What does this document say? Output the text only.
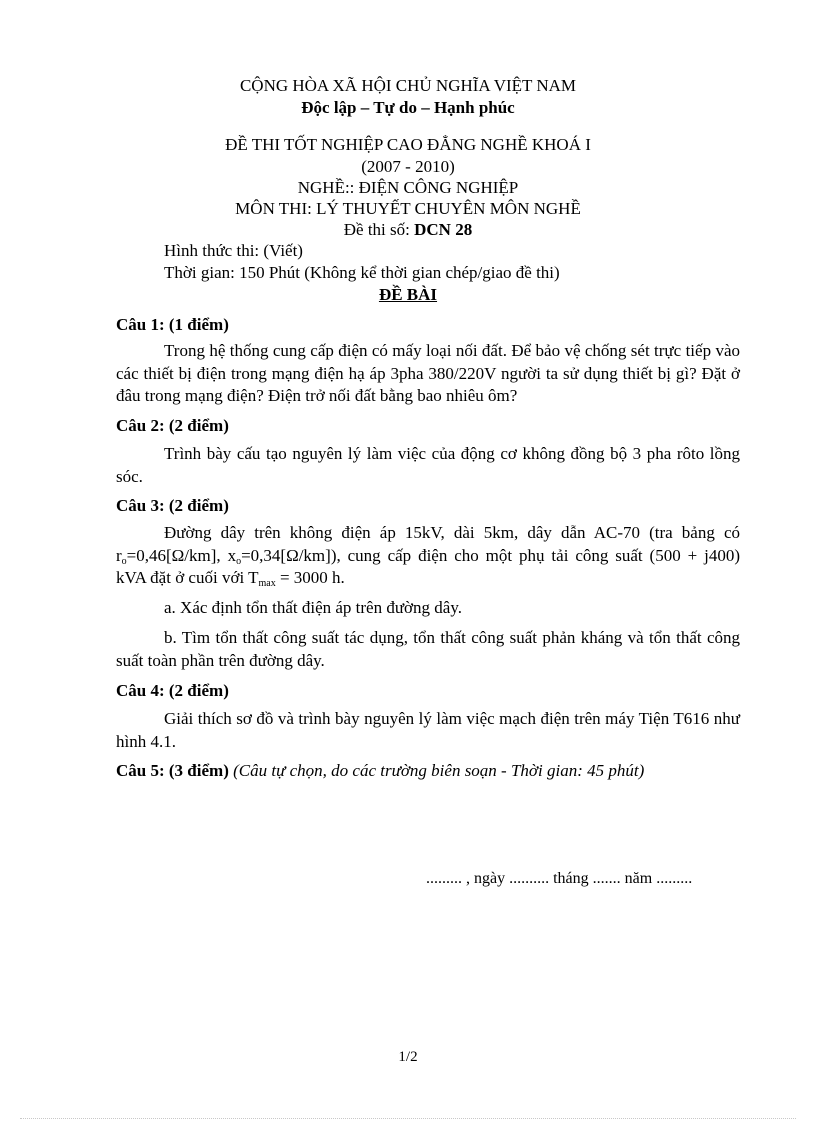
CỘNG HÒA XÃ HỘI CHỦ NGHĨA VIỆT NAM
Độc lập – Tự do – Hạnh phúc
ĐỀ THI TỐT NGHIỆP CAO ĐẲNG NGHỀ KHOÁ I
(2007 - 2010)
NGHỀ:: ĐIỆN CÔNG NGHIỆP
MÔN THI: LÝ THUYẾT CHUYÊN MÔN NGHỀ
Đề thi số: DCN 28
Hình thức thi: (Viết)
Thời gian: 150 Phút (Không kể thời gian chép/giao đề thi)
ĐỀ BÀI
Câu 1: (1 điểm)
Trong hệ thống cung cấp điện có mấy loại nối đất. Để bảo vệ chống sét trực tiếp vào các thiết bị điện trong mạng điện hạ áp 3pha 380/220V người ta sử dụng thiết bị gì? Đặt ở đâu trong mạng điện? Điện trở nối đất bằng bao nhiêu ôm?
Câu 2: (2 điểm)
Trình bày cấu tạo nguyên lý làm việc của động cơ không đồng bộ 3 pha rôto lồng sóc.
Câu 3: (2 điểm)
Đường dây trên không điện áp 15kV, dài 5km, dây dẫn AC-70 (tra bảng có $r_o=0,46[\Omega/km]$, $x_o=0,34[\Omega/km]$), cung cấp điện cho một phụ tải công suất (500 + j400) kVA đặt ở cuối với $T_{max} = 3000$ h.
a. Xác định tổn thất điện áp trên đường dây.
b. Tìm tổn thất công suất tác dụng, tổn thất công suất phản kháng và tổn thất công suất toàn phần trên đường dây.
Câu 4: (2 điểm)
Giải thích sơ đồ và trình bày nguyên lý làm việc mạch điện trên máy Tiện T616 như hình 4.1.
Câu 5: (3 điểm) (Câu tự chọn, do các trường biên soạn - Thời gian: 45 phút)
......... , ngày .......... tháng ....... năm .........
1/2
